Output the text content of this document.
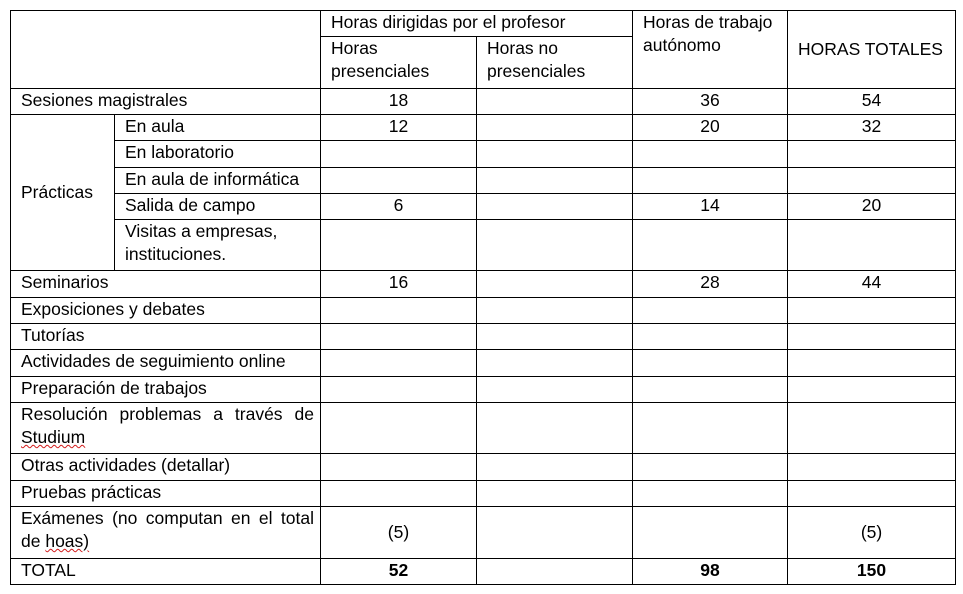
		Horas dirigidas por el profesor		Horas de trabajo autónomo	HORAS TOTALES
		Horas presenciales	Horas no presenciales		
Sesiones magistrales		18		36	54
Prácticas	En aula	12		20	32
	En laboratorio				
	En aula de informática				
	Salida de campo	6		14	20
	Visitas a empresas, instituciones.				
Seminarios		16		28	44
Exposiciones y debates					
Tutorías					
Actividades de seguimiento online					
Preparación de trabajos					
Resolución problemas a través de Studium					
Otras actividades (detallar)					
Pruebas prácticas					
Exámenes (no computan en el total de hoas)		(5)			(5)
TOTAL		52		98	150
